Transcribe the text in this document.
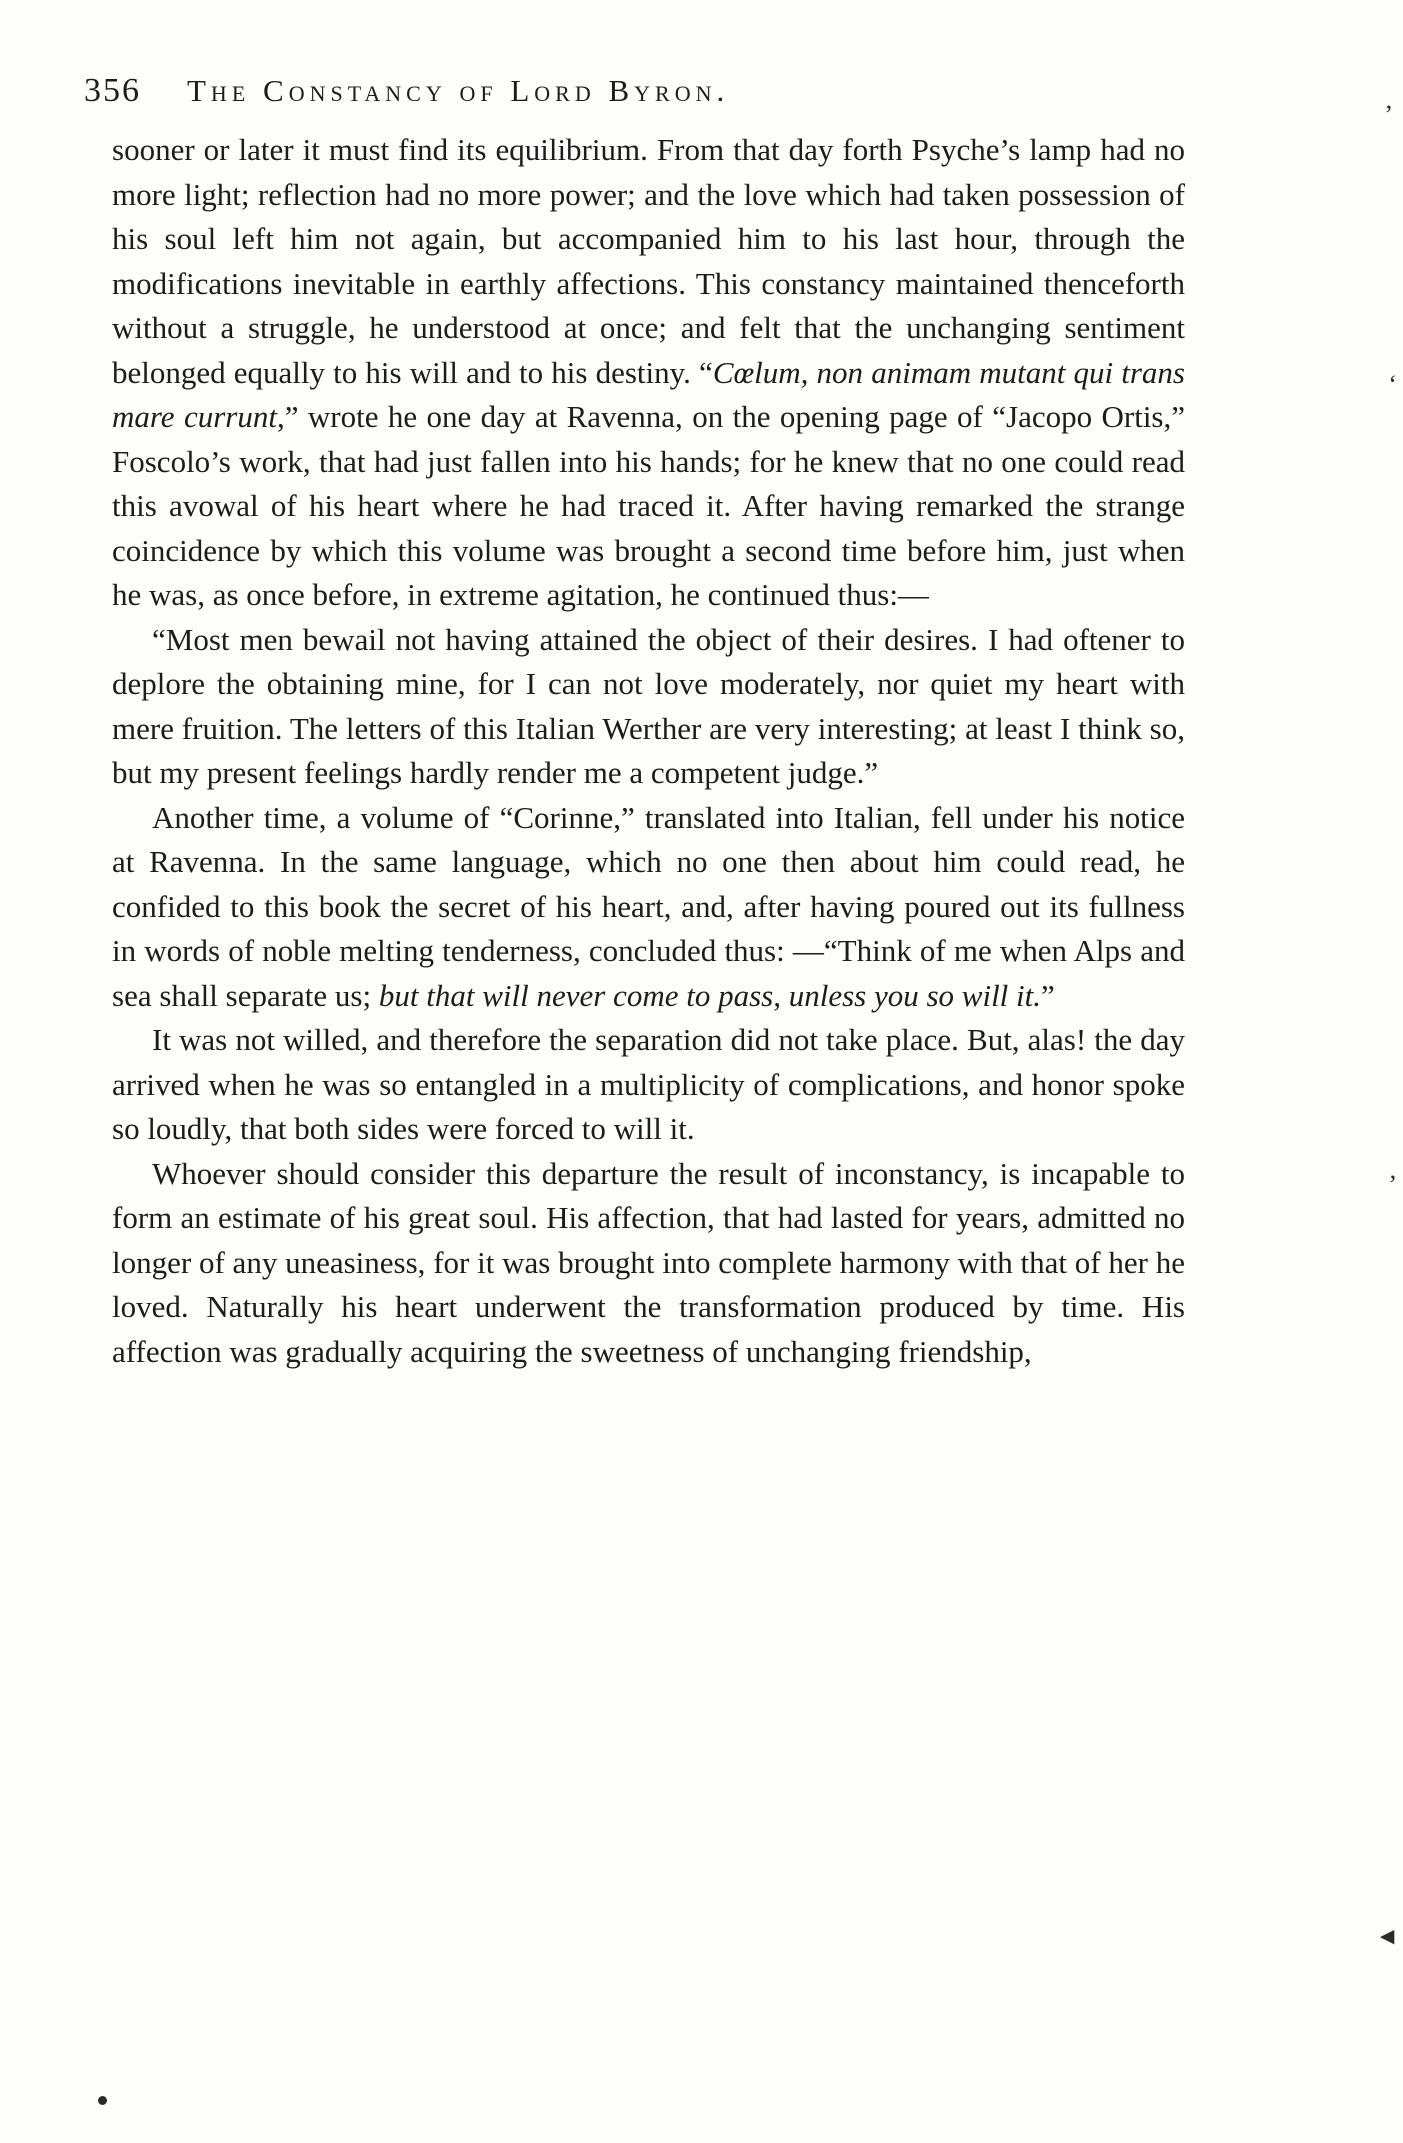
356 The Constancy of Lord Byron.

sooner or later it must find its equilibrium. From that day forth Psyche’s lamp had no more light; reflection had no more power; and the love which had taken possession of his soul left him not again, but accompanied him to his last hour, through the modifications inevitable in earthly affections. This constancy maintained thenceforth without a struggle, he understood at once; and felt that the unchanging sentiment belonged equally to his will and to his destiny. “Cœlum, non animam mutant qui trans mare currunt,” wrote he one day at Ravenna, on the opening page of “Jacopo Ortis,” Foscolo’s work, that had just fallen into his hands; for he knew that no one could read this avowal of his heart where he had traced it. After having remarked the strange coincidence by which this volume was brought a second time before him, just when he was, as once before, in extreme agitation, he continued thus:—

“Most men bewail not having attained the object of their desires. I had oftener to deplore the obtaining mine, for I can not love moderately, nor quiet my heart with mere fruition. The letters of this Italian Werther are very interesting; at least I think so, but my present feelings hardly render me a competent judge.”

Another time, a volume of “Corinne,” translated into Italian, fell under his notice at Ravenna. In the same language, which no one then about him could read, he confided to this book the secret of his heart, and, after having poured out its fullness in words of noble melting tenderness, concluded thus: —“Think of me when Alps and sea shall separate us; but that will never come to pass, unless you so will it.”

It was not willed, and therefore the separation did not take place. But, alas! the day arrived when he was so entangled in a multiplicity of complications, and honor spoke so loudly, that both sides were forced to will it.

Whoever should consider this departure the result of inconstancy, is incapable to form an estimate of his great soul. His affection, that had lasted for years, admitted no longer of any uneasiness, for it was brought into complete harmony with that of her he loved. Naturally his heart underwent the transformation produced by time. His affection was gradually acquiring the sweetness of unchanging friendship,

’
‘
’
◄
